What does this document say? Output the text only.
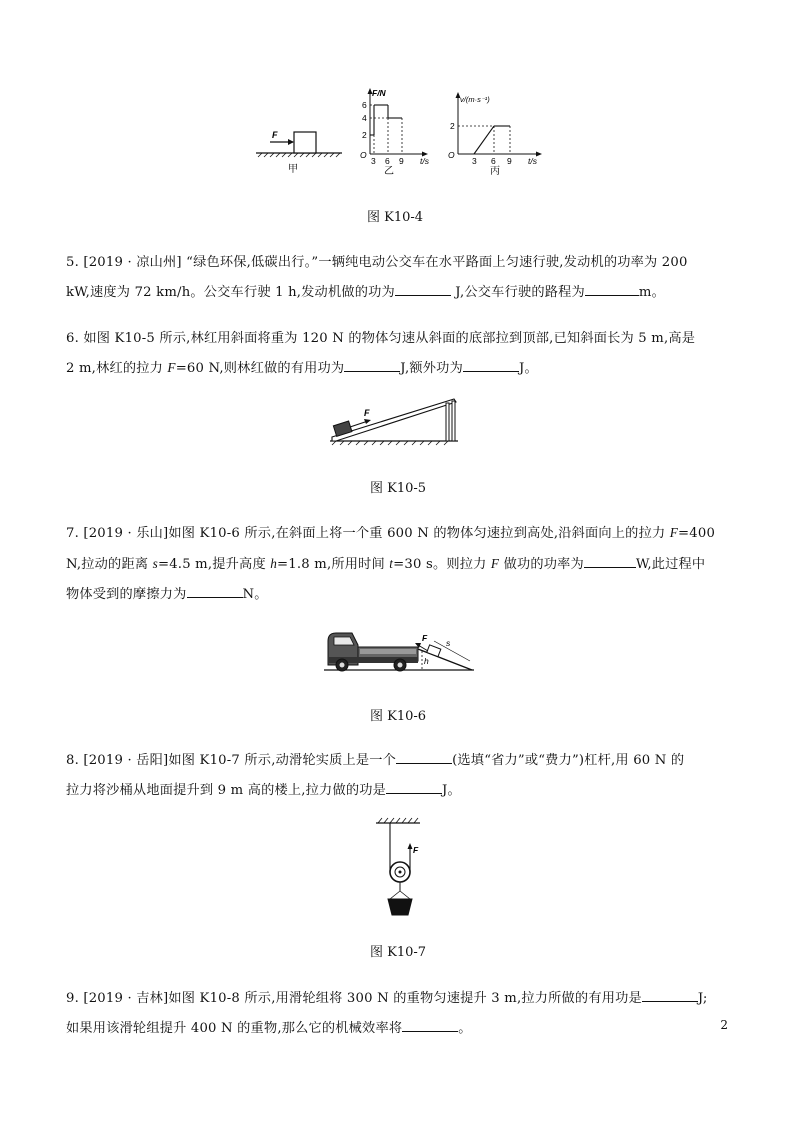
F
甲
F/N
O
2
4
6
3 6 9 t/s
乙
v/(m·s⁻¹)
O
2
3 6 9 t/s
丙
图 K10-4
5. [2019 · 凉山州] “绿色环保,低碳出行。”一辆纯电动公交车在水平路面上匀速行驶,发动机的功率为 200
kW,速度为 72 km/h。公交车行驶 1 h,发动机做的功为	J,公交车行驶的路程为	m。
6. 如图 K10-5 所示,林红用斜面将重为 120 N 的物体匀速从斜面的底部拉到顶部,已知斜面长为 5 m,高是
2 m,林红的拉力 F=60 N,则林红做的有用功为	J,额外功为	J。
F
图 K10-5
7. [2019 · 乐山]如图 K10-6 所示,在斜面上将一个重 600 N 的物体匀速拉到高处,沿斜面向上的拉力 F=400
N,拉动的距离 s=4.5 m,提升高度 h=1.8 m,所用时间 t=30 s。则拉力 F 做功的功率为	W,此过程中
物体受到的摩擦力为	N。
F s
h
图 K10-6
8. [2019 · 岳阳]如图 K10-7 所示,动滑轮实质上是一个	(选填“省力”或“费力”)杠杆,用 60 N 的
拉力将沙桶从地面提升到 9 m 高的楼上,拉力做的功是	J。
F
图 K10-7
9. [2019 · 吉林]如图 K10-8 所示,用滑轮组将 300 N 的重物匀速提升 3 m,拉力所做的有用功是	J;
如果用该滑轮组提升 400 N 的重物,那么它的机械效率将	。	2
